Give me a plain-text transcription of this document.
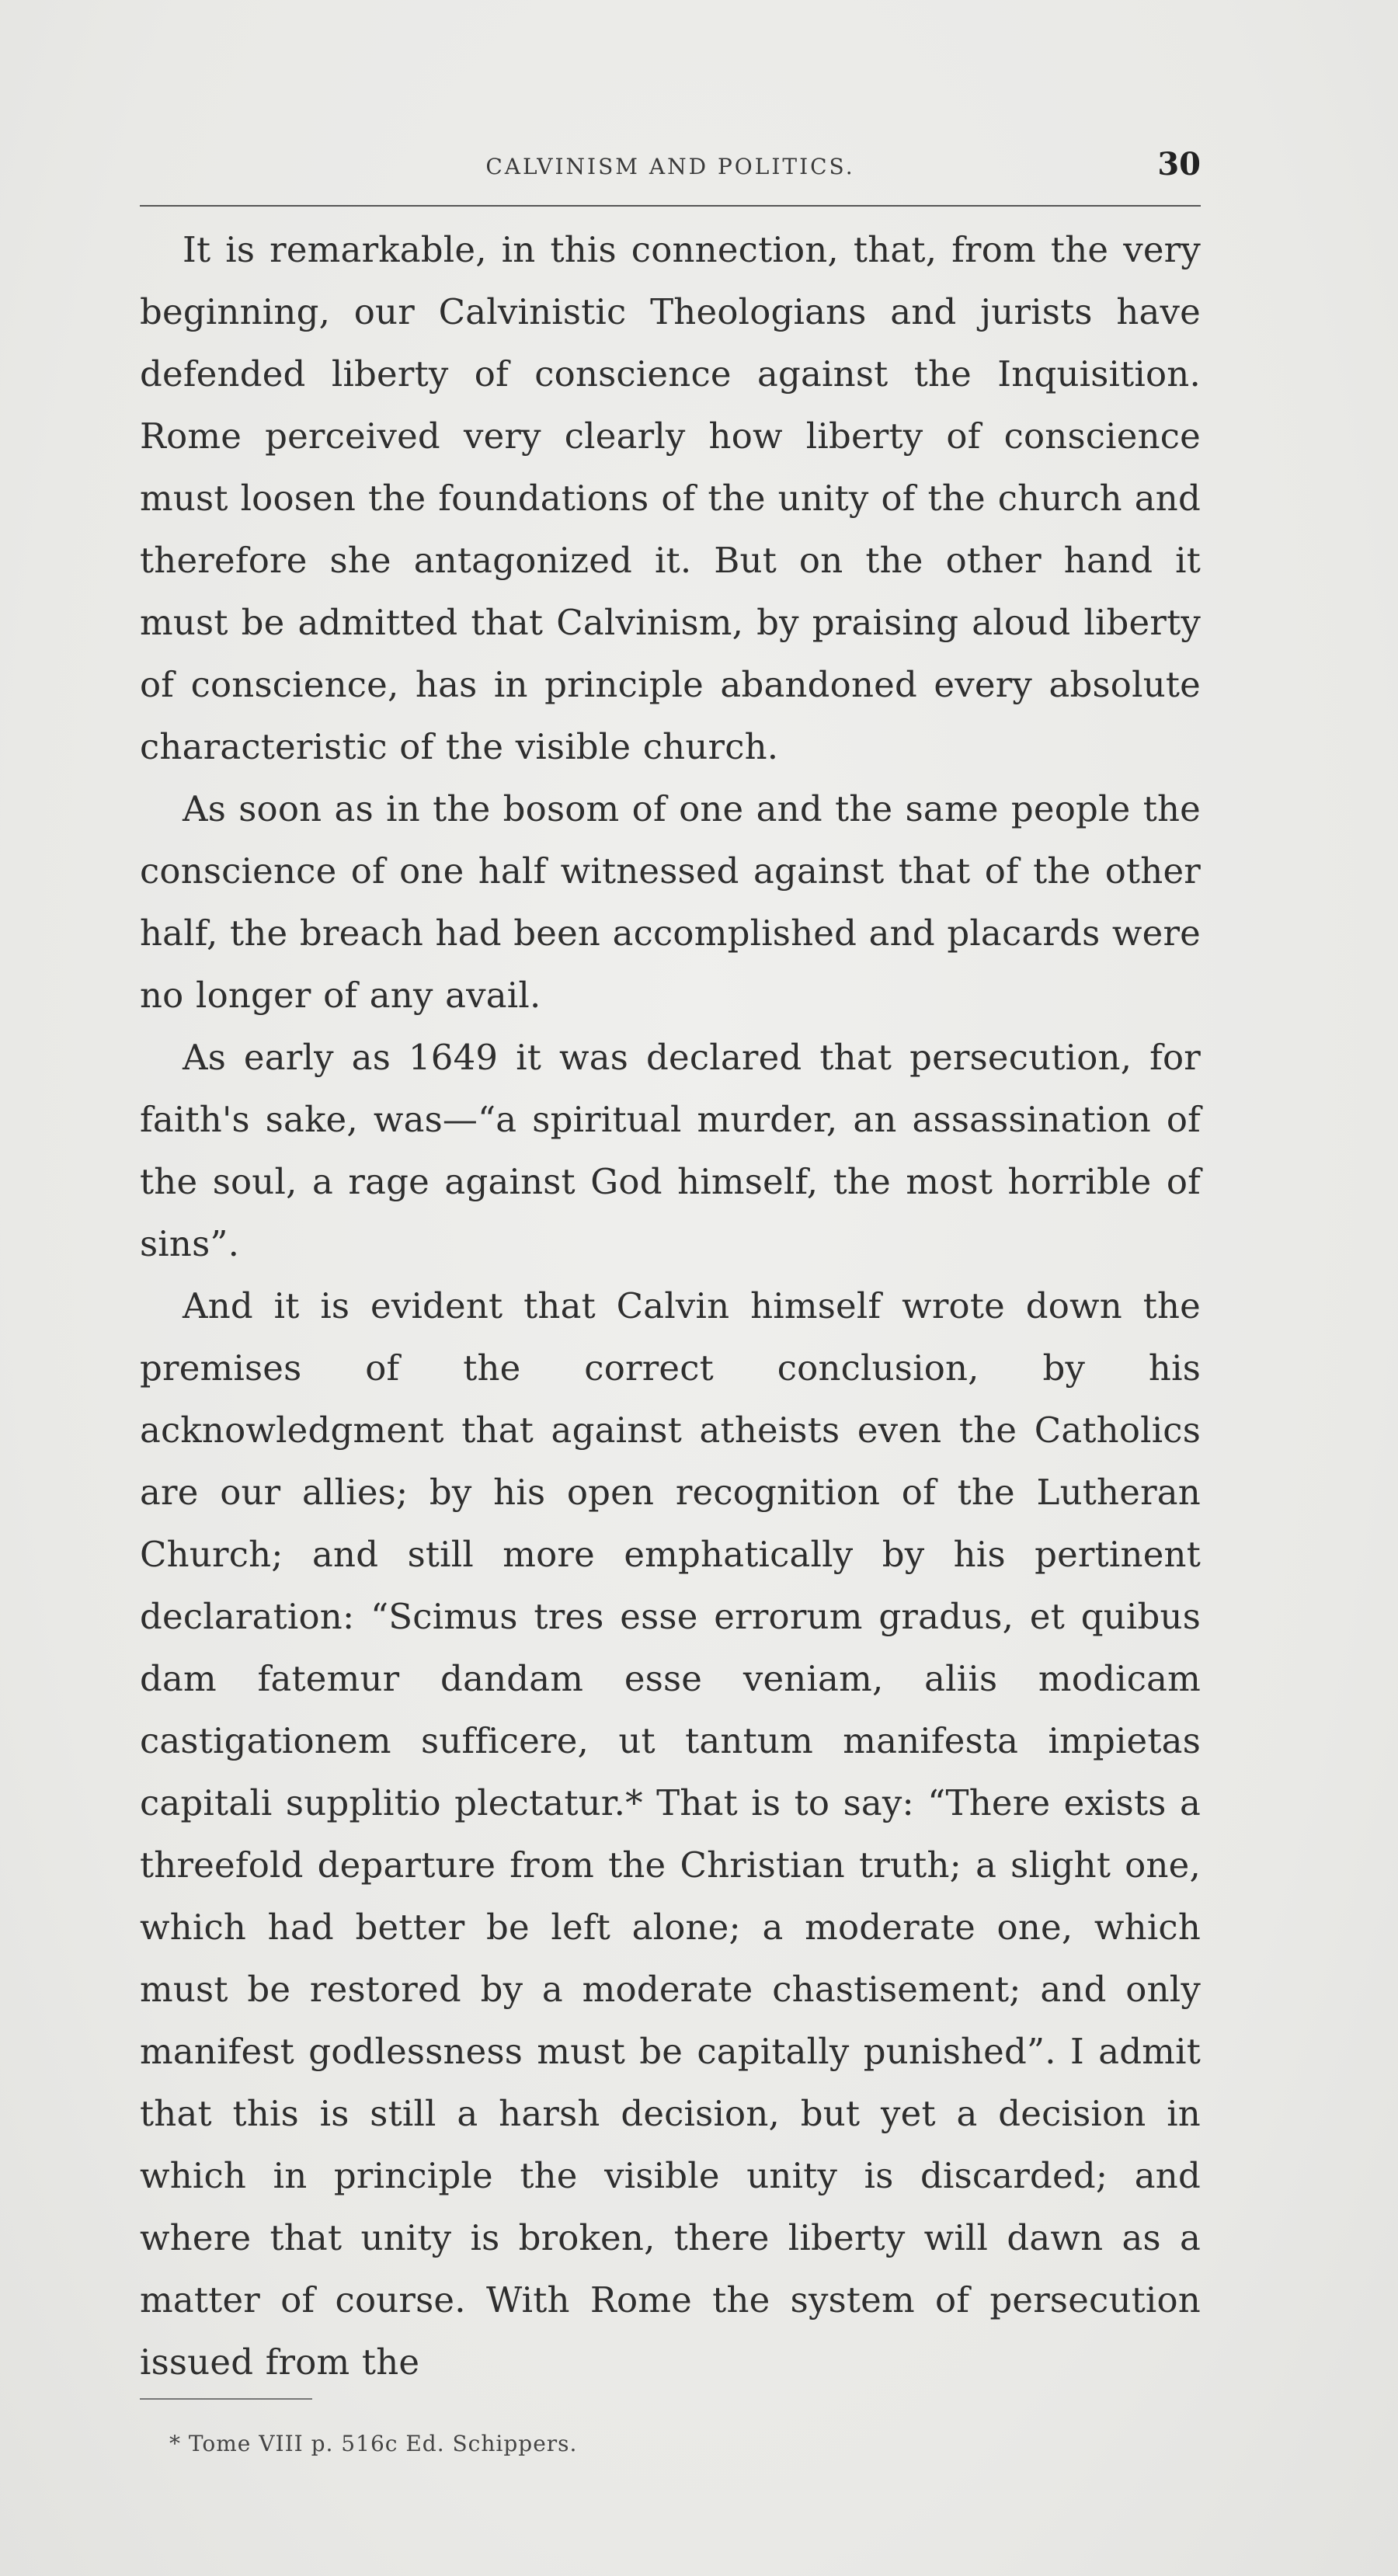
CALVINISM AND POLITICS.	30

It is remarkable, in this connection, that, from the very beginning, our Calvinistic Theologians and jurists have defended liberty of conscience against the Inquisition. Rome perceived very clearly how liberty of conscience must loosen the foundations of the unity of the church and therefore she antagonized it. But on the other hand it must be admitted that Calvinism, by praising aloud liberty of conscience, has in principle abandoned every absolute characteristic of the visible church.

As soon as in the bosom of one and the same people the conscience of one half witnessed against that of the other half, the breach had been accomplished and placards were no longer of any avail.

As early as 1649 it was declared that persecution, for faith's sake, was—“a spiritual murder, an assassination of the soul, a rage against God himself, the most horrible of sins”.

And it is evident that Calvin himself wrote down the premises of the correct conclusion, by his acknowledgment that against atheists even the Catholics are our allies; by his open recognition of the Lutheran Church; and still more emphatically by his pertinent declaration: “Scimus tres esse errorum gradus, et quibus dam fatemur dandam esse veniam, aliis modicam castigationem sufficere, ut tantum manifesta impietas capitali supplitio plectatur.* That is to say: “There exists a threefold departure from the Christian truth; a slight one, which had better be left alone; a moderate one, which must be restored by a moderate chastisement; and only manifest godlessness must be capitally punished”. I admit that this is still a harsh decision, but yet a decision in which in principle the visible unity is discarded; and where that unity is broken, there liberty will dawn as a matter of course. With Rome the system of persecution issued from the

* Tome VIII p. 516c Ed. Schippers.
